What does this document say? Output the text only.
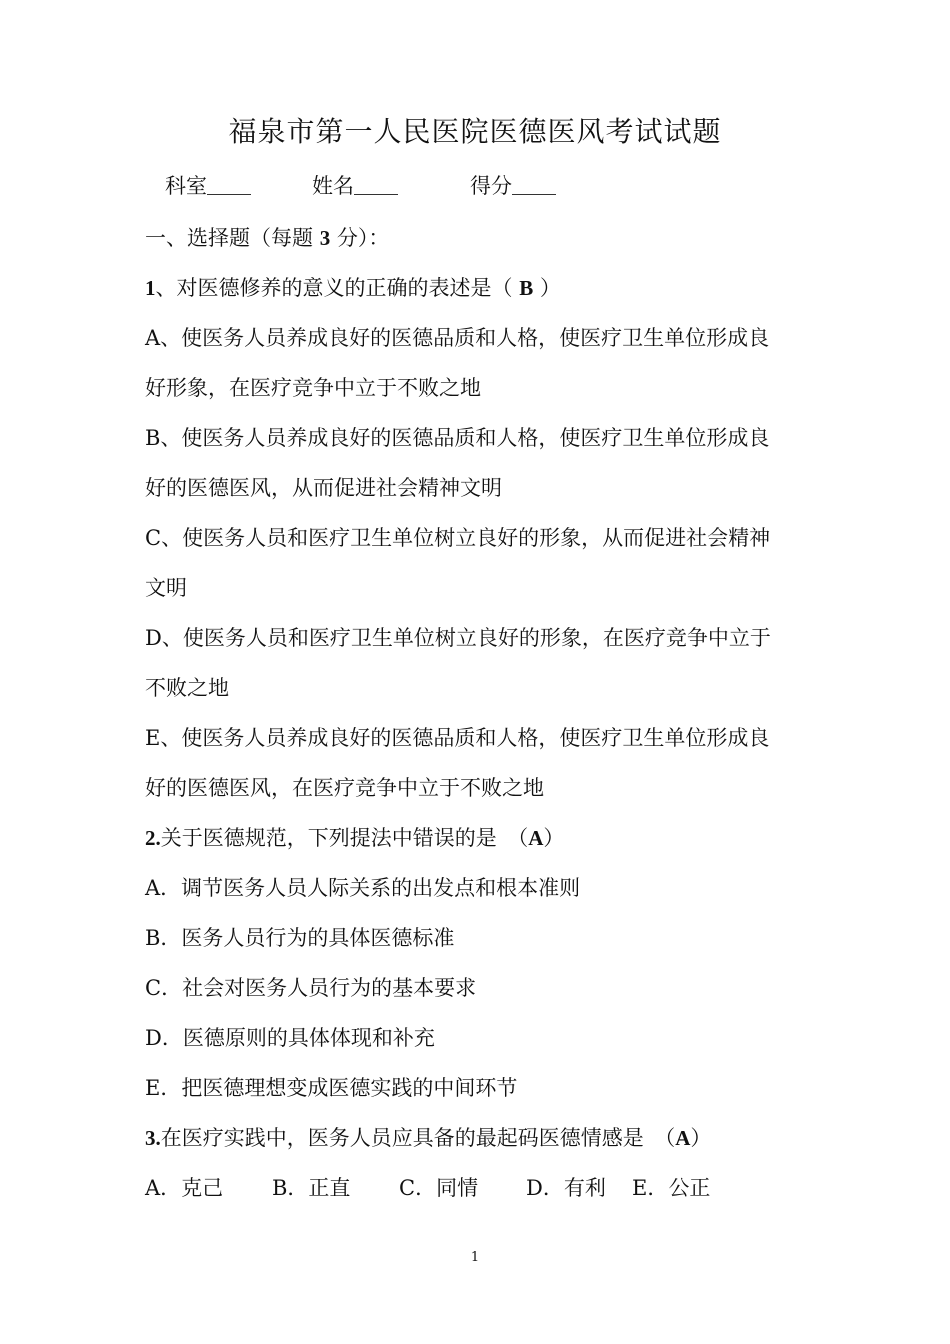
福泉市第一人民医院医德医风考试试题
科室	姓名	得分
一、选择题（每题 3 分）：
1、对医德修养的意义的正确的表述是（ B ）
A、使医务人员养成良好的医德品质和人格，使医疗卫生单位形成良
好形象，在医疗竞争中立于不败之地
B、使医务人员养成良好的医德品质和人格，使医疗卫生单位形成良
好的医德医风，从而促进社会精神文明
C、使医务人员和医疗卫生单位树立良好的形象，从而促进社会精神
文明
D、使医务人员和医疗卫生单位树立良好的形象，在医疗竞争中立于
不败之地
E、使医务人员养成良好的医德品质和人格，使医疗卫生单位形成良
好的医德医风，在医疗竞争中立于不败之地
2.关于医德规范，下列提法中错误的是　（A）
A．调节医务人员人际关系的出发点和根本准则
B．医务人员行为的具体医德标准
C．社会对医务人员行为的基本要求
D．医德原则的具体体现和补充
E．把医德理想变成医德实践的中间环节
3.在医疗实践中，医务人员应具备的最起码医德情感是　（A）
A．克己 B．正直 C．同情 D．有利 E．公正
1
